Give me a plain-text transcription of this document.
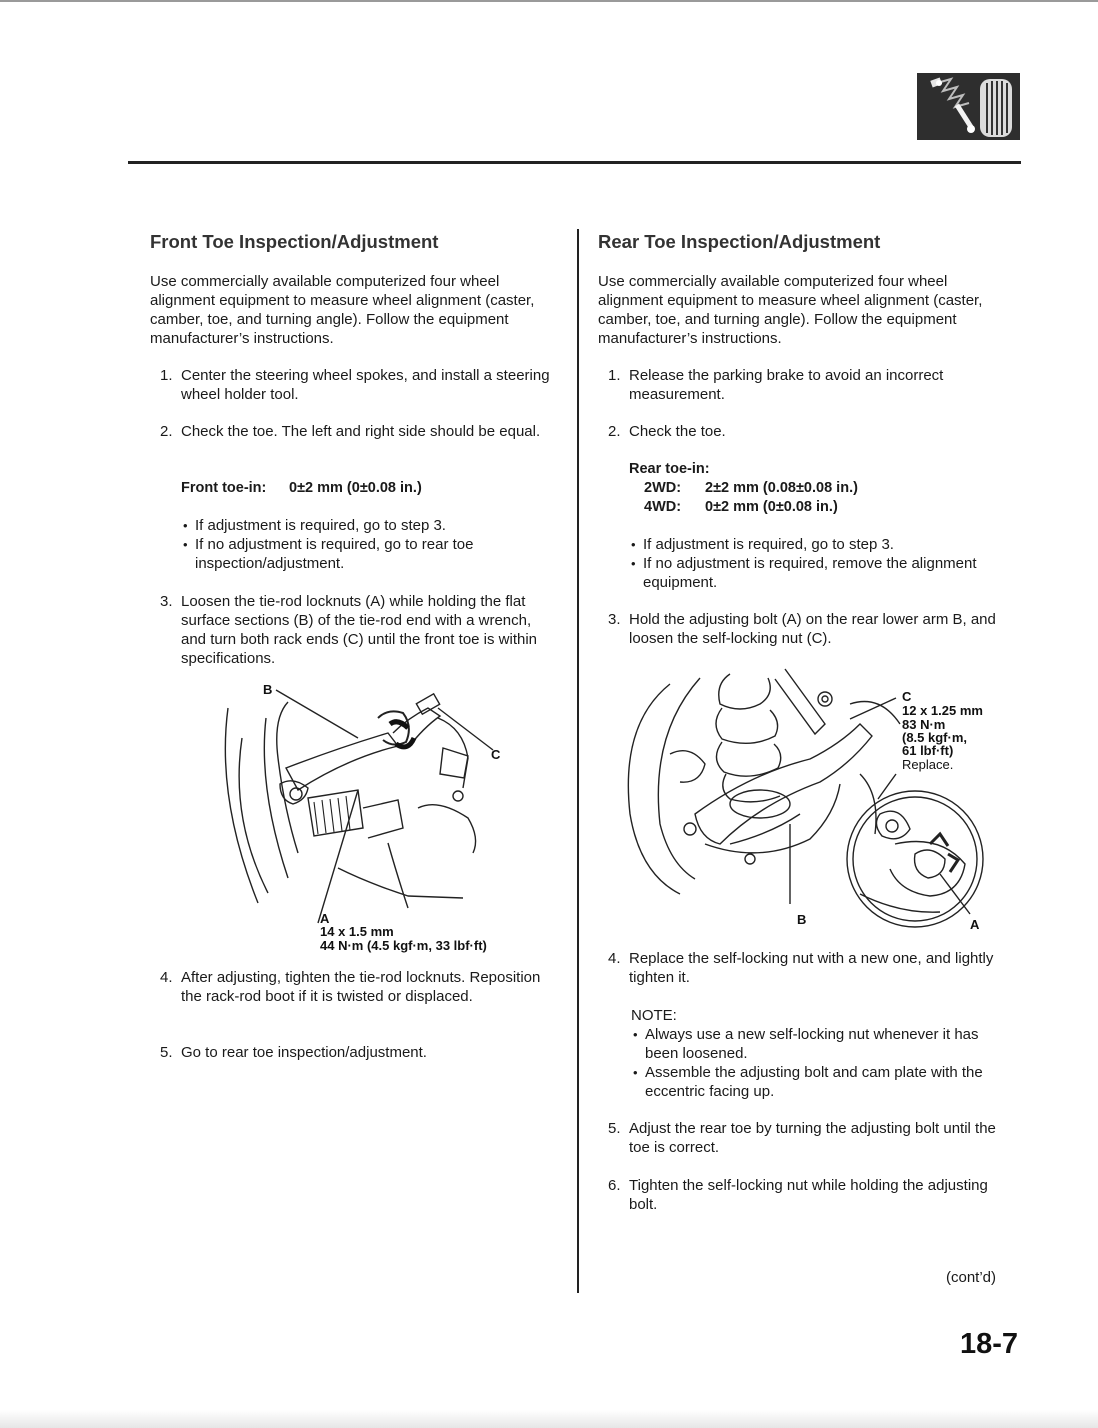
Front Toe Inspection/Adjustment

Use commercially available computerized four wheel alignment equipment to measure wheel alignment (caster, camber, toe, and turning angle). Follow the equipment manufacturer’s instructions.

1. Center the steering wheel spokes, and install a steering wheel holder tool.
2. Check the toe. The left and right side should be equal.
Front toe-in: 0±2 mm (0±0.08 in.)
• If adjustment is required, go to step 3.
• If no adjustment is required, go to rear toe inspection/adjustment.
3. Loosen the tie-rod locknuts (A) while holding the flat surface sections (B) of the tie-rod end with a wrench, and turn both rack ends (C) until the front toe is within specifications.
4. After adjusting, tighten the tie-rod locknuts. Reposition the rack-rod boot if it is twisted or displaced.
5. Go to rear toe inspection/adjustment.
B
C
A
14 x 1.5 mm
44 N·m (4.5 kgf·m, 33 lbf·ft)
Rear Toe Inspection/Adjustment

Use commercially available computerized four wheel alignment equipment to measure wheel alignment (caster, camber, toe, and turning angle). Follow the equipment manufacturer’s instructions.

1. Release the parking brake to avoid an incorrect measurement.
2. Check the toe.
Rear toe-in:
2WD: 2±2 mm (0.08±0.08 in.)
4WD: 0±2 mm (0±0.08 in.)
• If adjustment is required, go to step 3.
• If no adjustment is required, remove the alignment equipment.
3. Hold the adjusting bolt (A) on the rear lower arm B, and loosen the self-locking nut (C).
4. Replace the self-locking nut with a new one, and lightly tighten it.
NOTE:
• Always use a new self-locking nut whenever it has been loosened.
• Assemble the adjusting bolt and cam plate with the eccentric facing up.
5. Adjust the rear toe by turning the adjusting bolt until the toe is correct.
6. Tighten the self-locking nut while holding the adjusting bolt.
C
12 x 1.25 mm
83 N·m
(8.5 kgf·m,
61 lbf·ft)
Replace.
B	A
(cont’d)
18-7
